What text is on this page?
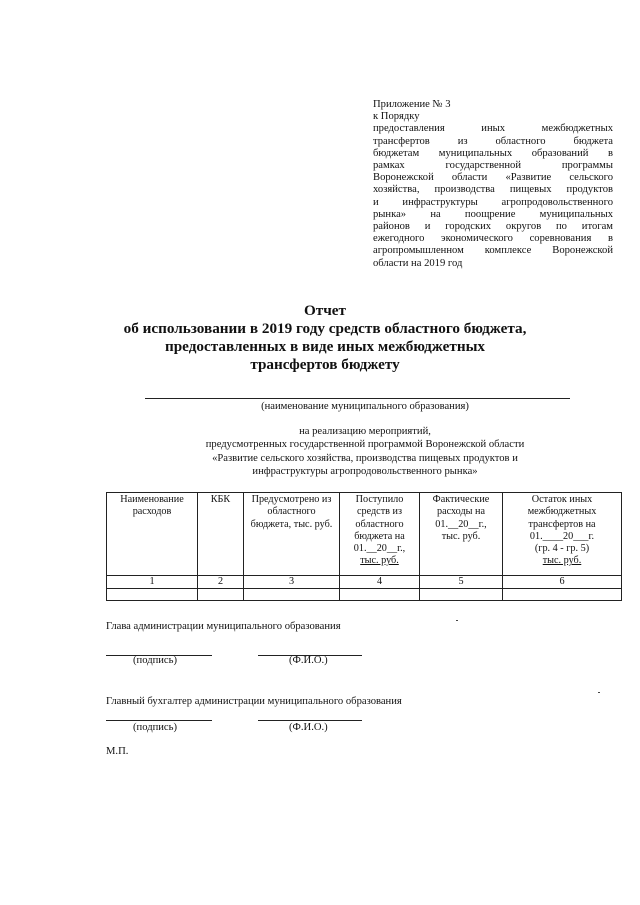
Приложение № 3
к Порядку
предоставления иных межбюджетных
трансфертов из областного бюджета
бюджетам муниципальных образований в
рамках государственной программы
Воронежской области «Развитие сельского
хозяйства, производства пищевых продуктов
и инфраструктуры агропродовольственного
рынка» на поощрение муниципальных
районов и городских округов по итогам
ежегодного экономического соревнования в
агропромышленном комплексе Воронежской
области на 2019 год
Отчет
об использовании в 2019 году средств областного бюджета,
предоставленных в виде иных межбюджетных
трансфертов бюджету
(наименование муниципального образования)
на реализацию мероприятий,
предусмотренных государственной программой Воронежской области
«Развитие сельского хозяйства, производства пищевых продуктов и
инфраструктуры агропродовольственного рынка»
Наименование расходов	КБК	Предусмотрено из областного бюджета, тыс. руб.	Поступило средств из областного бюджета на
01.__20__г.,
тыс. руб.	Фактические расходы на
01.__20__г.,
тыс. руб.	Остаток иных межбюджетных трансфертов на
01.____20___г.
(гр. 4 - гр. 5)
тыс. руб.
1	2	3	4	5	6

Глава администрации муниципального образования
(подпись)	(Ф.И.О.)
Главный бухгалтер администрации муниципального образования
(подпись)	(Ф.И.О.)
М.П.
